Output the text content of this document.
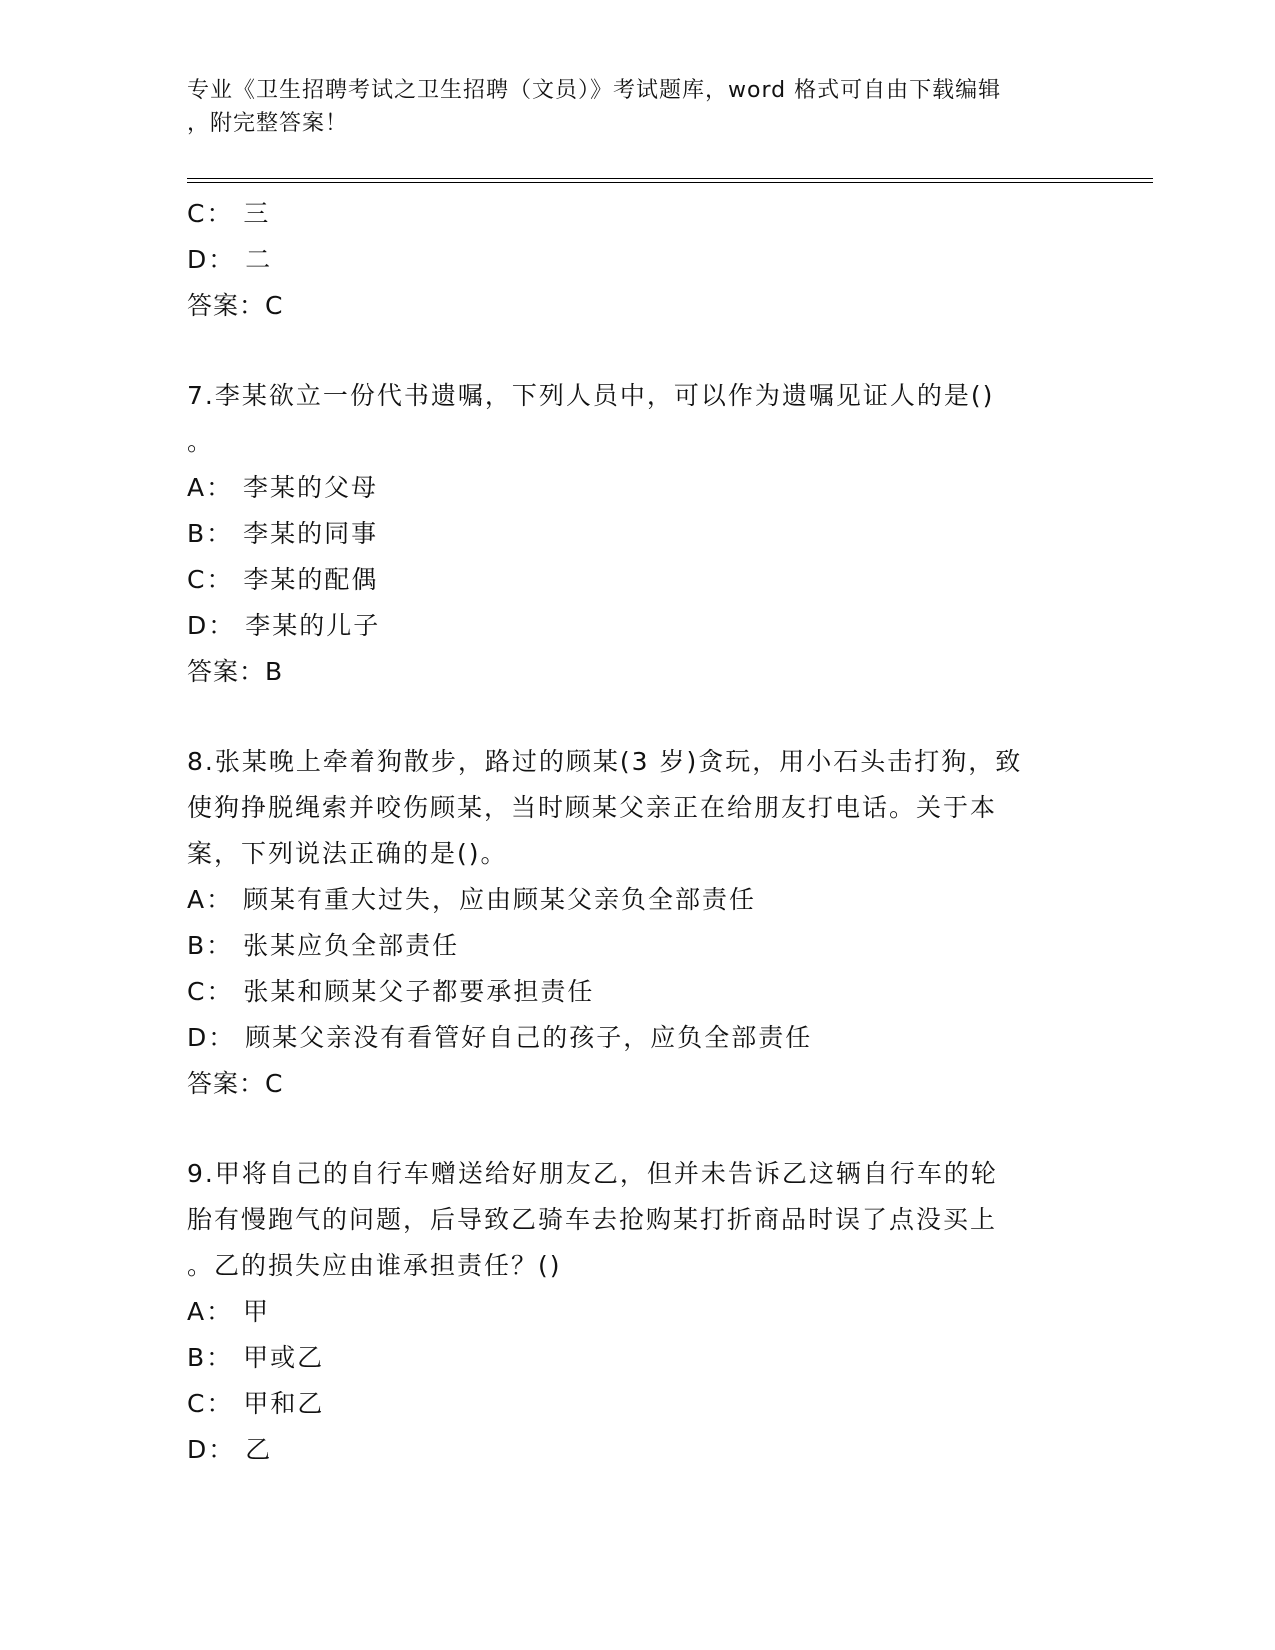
专业《卫生招聘考试之卫生招聘（文员）》考试题库，word 格式可自由下载编辑
，附完整答案！
C： 三
D： 二
答案：C
7.李某欲立一份代书遗嘱，下列人员中，可以作为遗嘱见证人的是()
。
A： 李某的父母
B： 李某的同事
C： 李某的配偶
D： 李某的儿子
答案：B
8.张某晚上牵着狗散步，路过的顾某(3 岁)贪玩，用小石头击打狗，致
使狗挣脱绳索并咬伤顾某，当时顾某父亲正在给朋友打电话。关于本
案，下列说法正确的是()。
A： 顾某有重大过失，应由顾某父亲负全部责任
B： 张某应负全部责任
C： 张某和顾某父子都要承担责任
D： 顾某父亲没有看管好自己的孩子，应负全部责任
答案：C
9.甲将自己的自行车赠送给好朋友乙，但并未告诉乙这辆自行车的轮
胎有慢跑气的问题，后导致乙骑车去抢购某打折商品时误了点没买上
。乙的损失应由谁承担责任？()
A： 甲
B： 甲或乙
C： 甲和乙
D： 乙
